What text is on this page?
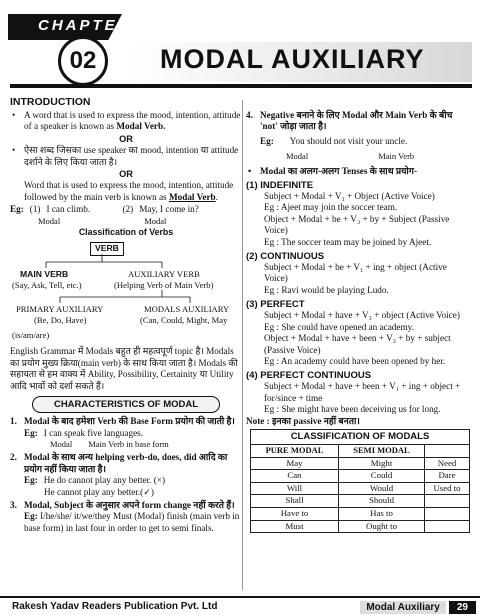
CHAPTER
02	MODAL AUXILIARY
INTRODUCTION
• A word that is used to express the mood, intention, attitude of a speaker is known as Modal Verb.
OR
• ऐसा शब्द जिसका use speaker का mood, intention या attitude दर्शाने के लिए किया जाता है।
OR
Word that is used to express the mood, intention, attitude followed by the main verb is known as Modal Verb.
Eg: (1) I can climb.	(2) May, I come in?
Modal	Modal
Classification of Verbs
VERB
MAIN VERB
(Say, Ask, Tell, etc.)
AUXILIARY VERB
(Helping Verb of Main Verb)
PRIMARY AUXILIARY
(Be, Do, Have)
(is/am/are)
MODALS AUXILIARY
(Can, Could, Might, May
English Grammar में Modals बहुत ही महत्वपूर्ण topic है। Modals का प्रयोग मुख्य क्रिया(main verb) के साथ किया जाता है। Modals की सहायता से हम वाक्य में Ability, Possibility, Certainity या Utility आदि भावों को दर्शा सकते हैं।
CHARACTERISTICS OF MODAL
1. Modal के बाद हमेशा Verb की Base Form प्रयोग की जाती है।
Eg: I can speak five languages.
Modal Main Verb in base form
2. Modal के साथ अन्य helping verb-do, does, did आदि का प्रयोग नहीं किया जाता है।
Eg: He do cannot play any better. (×)
He cannot play any better.(✓)
3. Modal, Subject के अनुसार अपने form change नहीं करते हैं।
Eg: I/he/she/ it/we/they Must (Modal) finish (main verb in base form) in last four in order to get to semi finals.
4. Negative बनाने के लिए Modal और Main Verb के बीच 'not' जोड़ा जाता है।
Eg:	You should not visit your uncle.
Modal	Main Verb
• Modal का अलग-अलग Tenses के साथ प्रयोग-
(1) INDEFINITE
Subject + Modal + V₁ + Object (Active Voice)
Eg : Ajeet may join the soccer team.
Object + Modal + be + V₃ + by + Subject (Passive Voice)
Eg : The soccer team may be joined by Ajeet.
(2) CONTINUOUS
Subject + Modal + be + V₁ + ing + object (Active Voice)
Eg : Ravi would be playing Ludo.
(3) PERFECT
Subject + Modal + have + V₃ + object (Active Voice)
Eg : She could have opened an academy.
Object + Modal + have + been + V₃ + by + subject (Passive Voice)
Eg : An academy could have been opened by her.
(4) PERFECT CONTINUOUS
Subject + Modal + have + been + V₁ + ing + object + for/since + time
Eg : She might have been deceiving us for long.
Note : इनका passive नहीं बनता।
CLASSIFICATION OF MODALS		
PURE MODAL	SEMI MODAL	
May	Might	Need
Can	Could	Dare
Will	Would	Used to
Shall	Should	
Have to	Has to	
Must	Ought to	
Rakesh Yadav Readers Publication Pvt. Ltd	Modal Auxiliary	29
